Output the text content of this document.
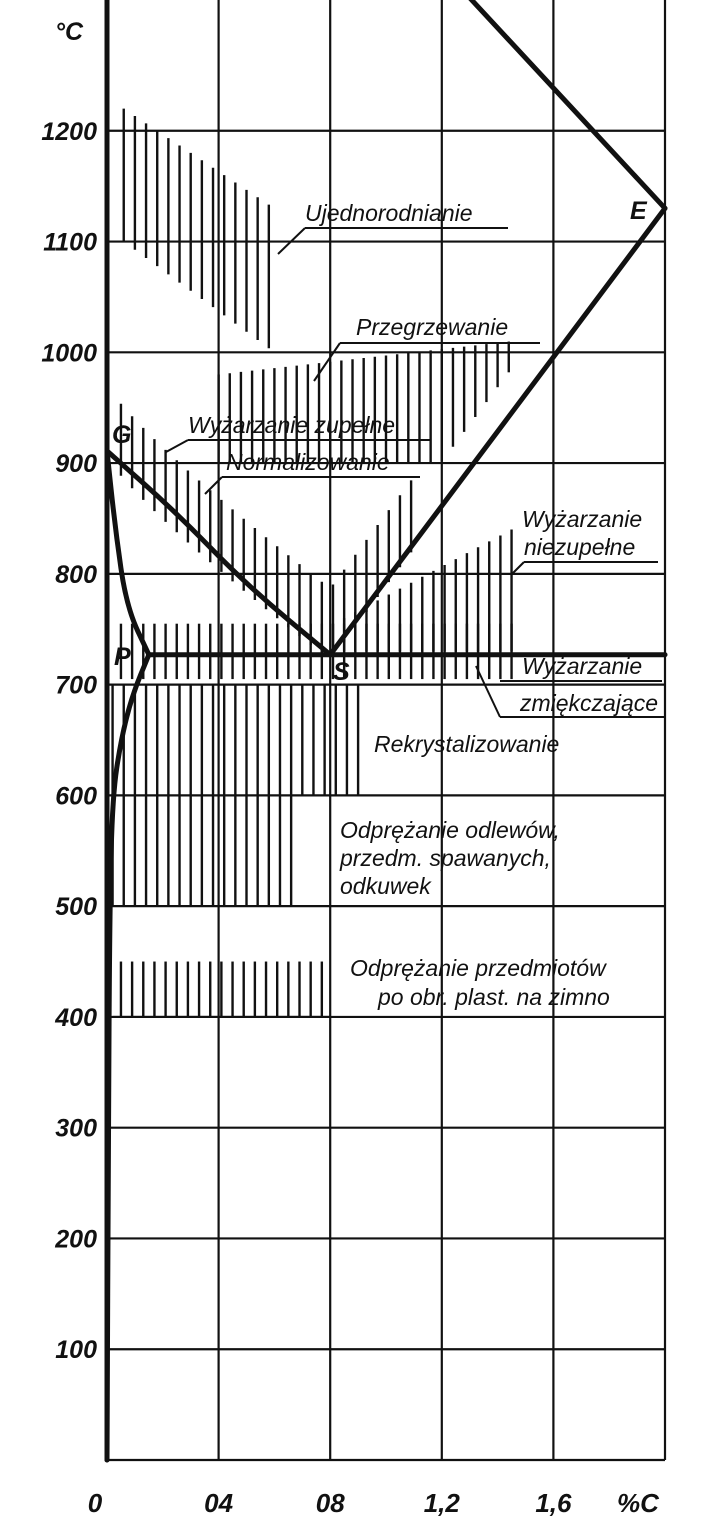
100
200
300
400
500
600
700
800
900
1000
1100
1200
0	04	08	1,2	1,6
°C
%C
G
P
S
E
Ujednorodnianie
Przegrzewanie
Wyżarzanie zupełne
Normalizowanie
Wyżarzanie
niezupełne
Wyżarzanie
zmiękczające
Rekrystalizowanie
Odprężanie odlewów,
przedm. spawanych,
odkuwek
Odprężanie przedmiotów
po obr. plast. na zimno
